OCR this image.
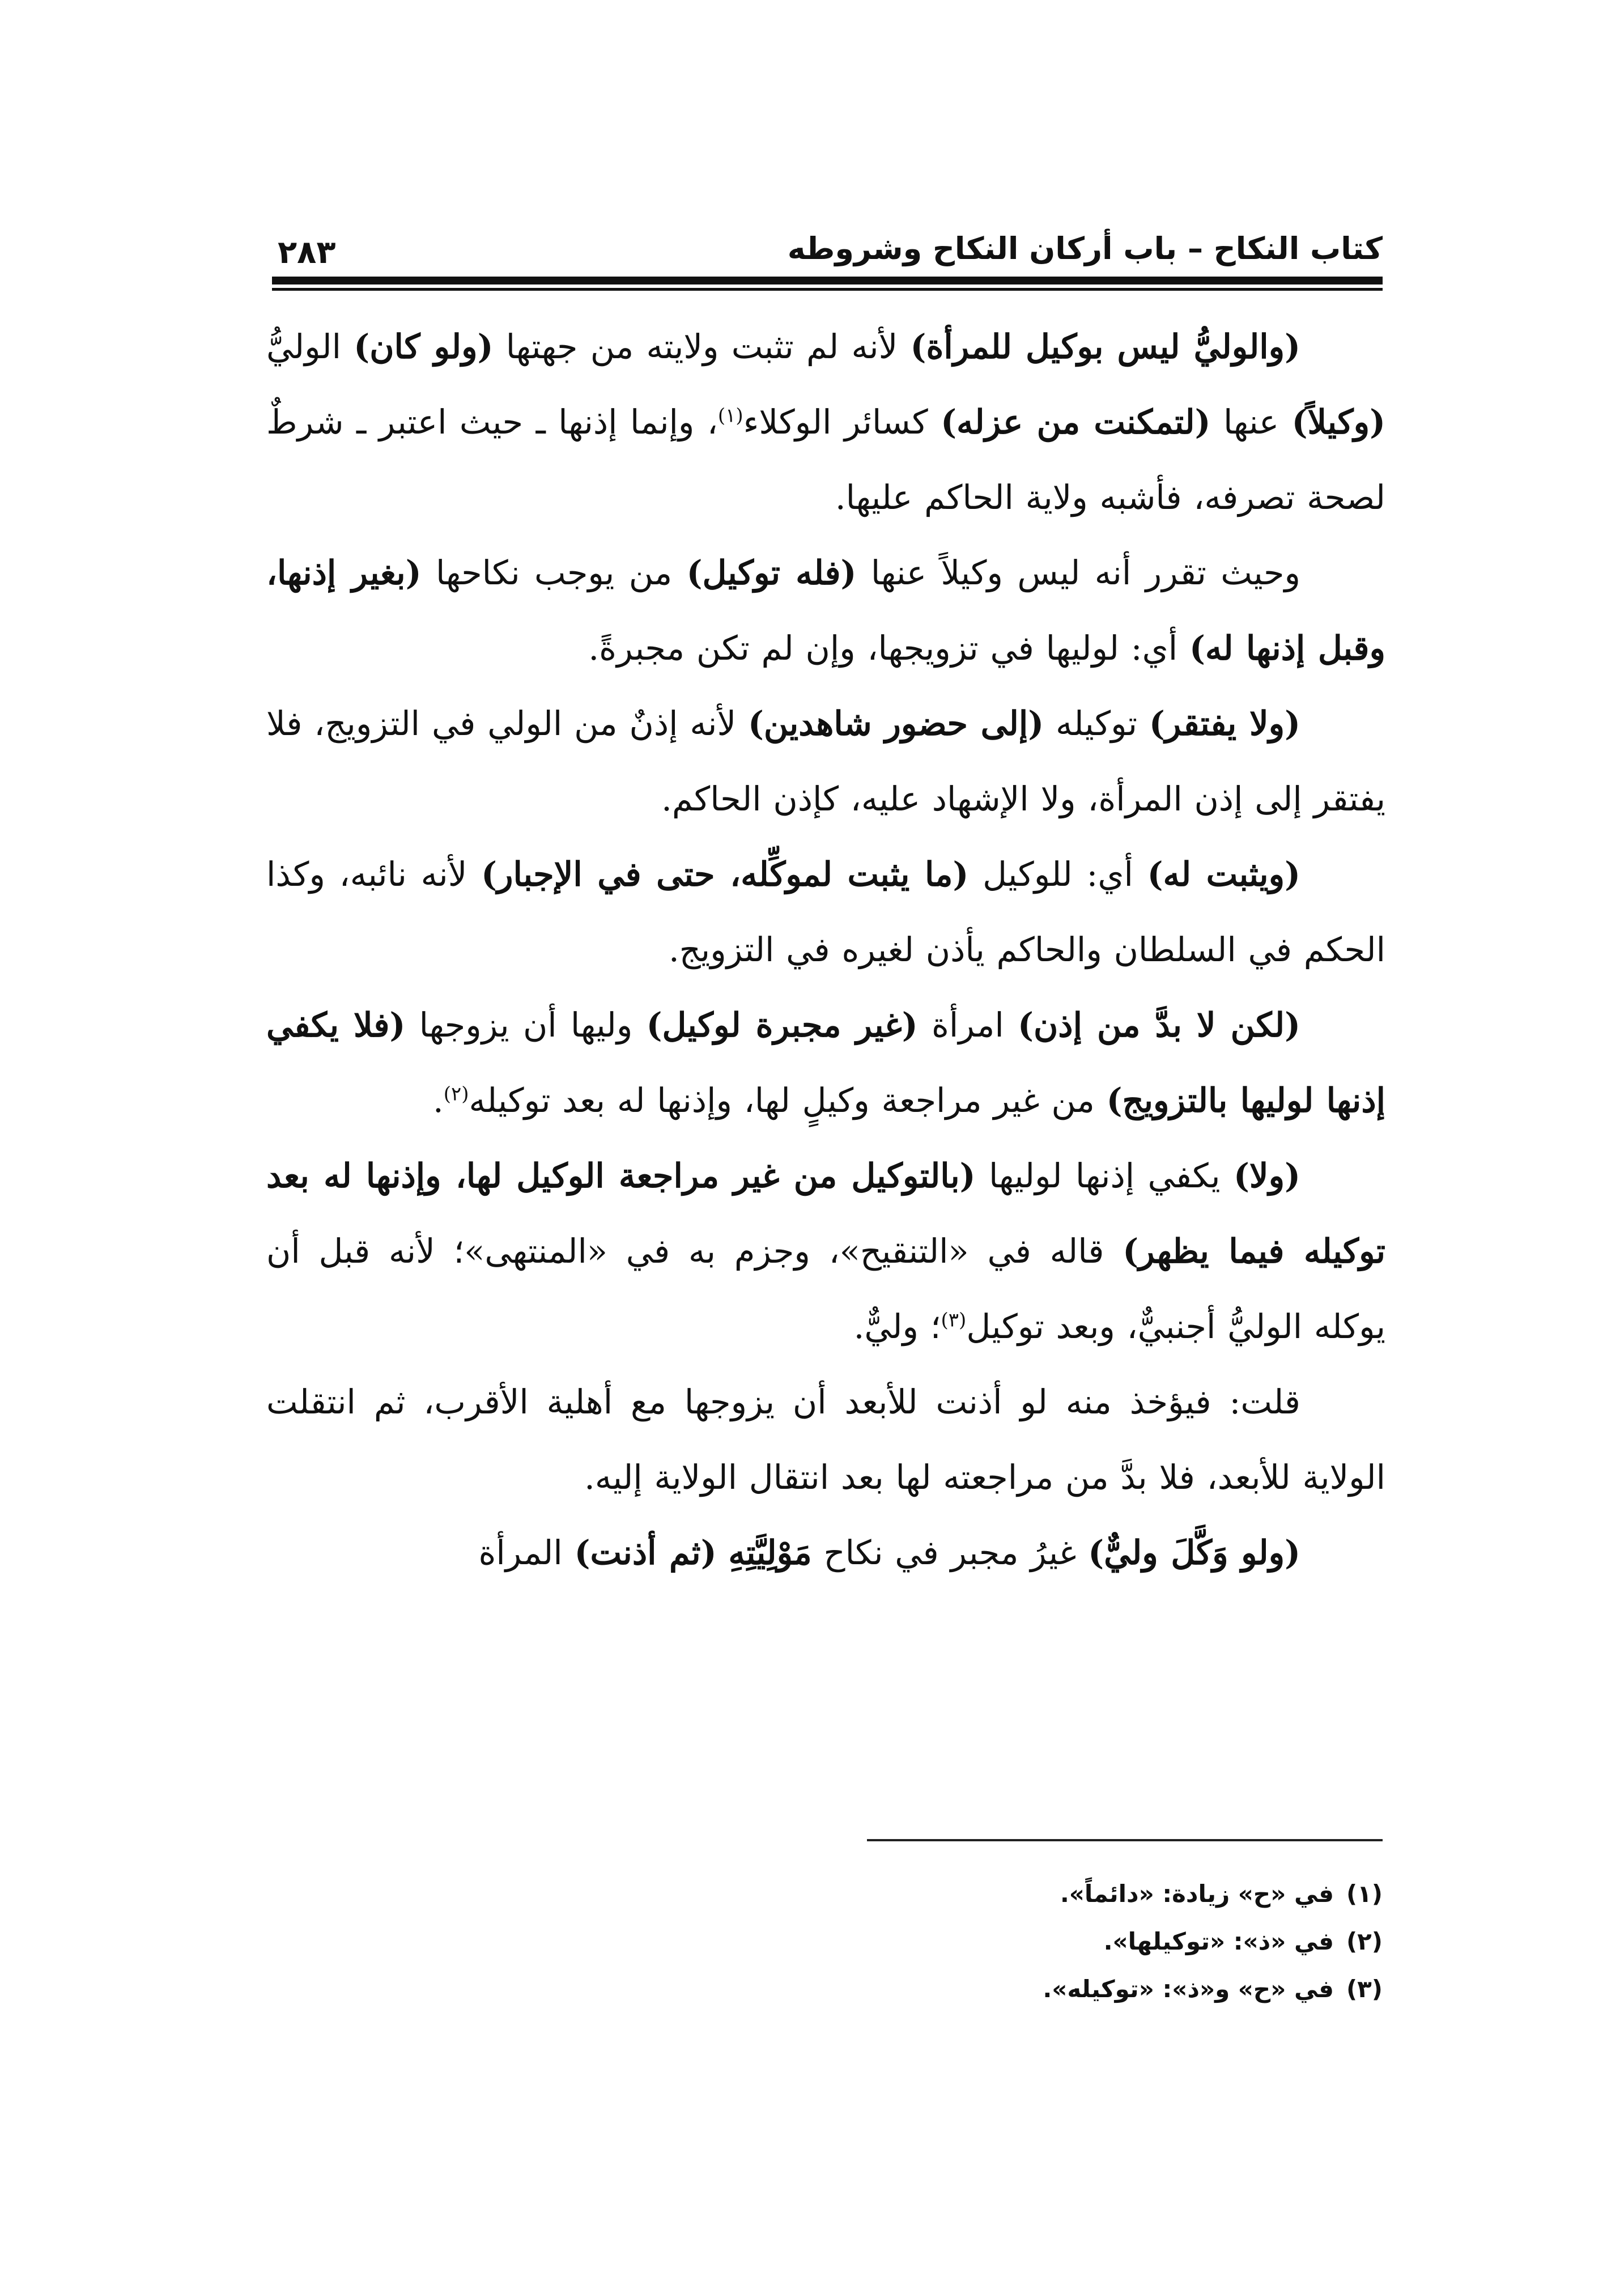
كتاب النكاح – باب أركان النكاح وشروطه
٢٨٣

(والوليُّ ليس بوكيل للمرأة) لأنه لم تثبت ولايته من جهتها (ولو كان) الوليُّ (وكيلاً) عنها (لتمكنت من عزله) كسائر الوكلاء$^{(١)}$، وإنما إذنها ـ حيث اعتبر ـ شرطٌ لصحة تصرفه، فأشبه ولاية الحاكم عليها.

وحيث تقرر أنه ليس وكيلاً عنها (فله توكيل) من يوجب نكاحها (بغير إذنها، وقبل إذنها له) أي: لوليها في تزويجها، وإن لم تكن مجبرةً.

(ولا يفتقر) توكيله (إلى حضور شاهدين) لأنه إذنٌ من الولي في التزويج، فلا يفتقر إلى إذن المرأة، ولا الإشهاد عليه، كإذن الحاكم.

(ويثبت له) أي: للوكيل (ما يثبت لموكِّله، حتى في الإجبار) لأنه نائبه، وكذا الحكم في السلطان والحاكم يأذن لغيره في التزويج.

(لكن لا بدَّ من إذن) امرأة (غير مجبرة لوكيل) وليها أن يزوجها (فلا يكفي إذنها لوليها بالتزويج) من غير مراجعة وكيلٍ لها، وإذنها له بعد توكيله$^{(٢)}$.

(ولا) يكفي إذنها لوليها (بالتوكيل من غير مراجعة الوكيل لها، وإذنها له بعد توكيله فيما يظهر) قاله في «التنقيح»، وجزم به في «المنتهى»؛ لأنه قبل أن يوكله الوليُّ أجنبيٌّ، وبعد توكيل$^{(٣)}$؛ وليٌّ.

قلت: فيؤخذ منه لو أذنت للأبعد أن يزوجها مع أهلية الأقرب، ثم انتقلت الولاية للأبعد، فلا بدَّ من مراجعته لها بعد انتقال الولاية إليه.

(ولو وَكَّلَ وليٌّ) غيرُ مجبر في نكاح مَوْلِيَّتِهِ (ثم أذنت) المرأة

(١)في «ح» زيادة: «دائماً».
(٢)في «ذ»: «توكيلها».
(٣)في «ح» و«ذ»: «توكيله».
